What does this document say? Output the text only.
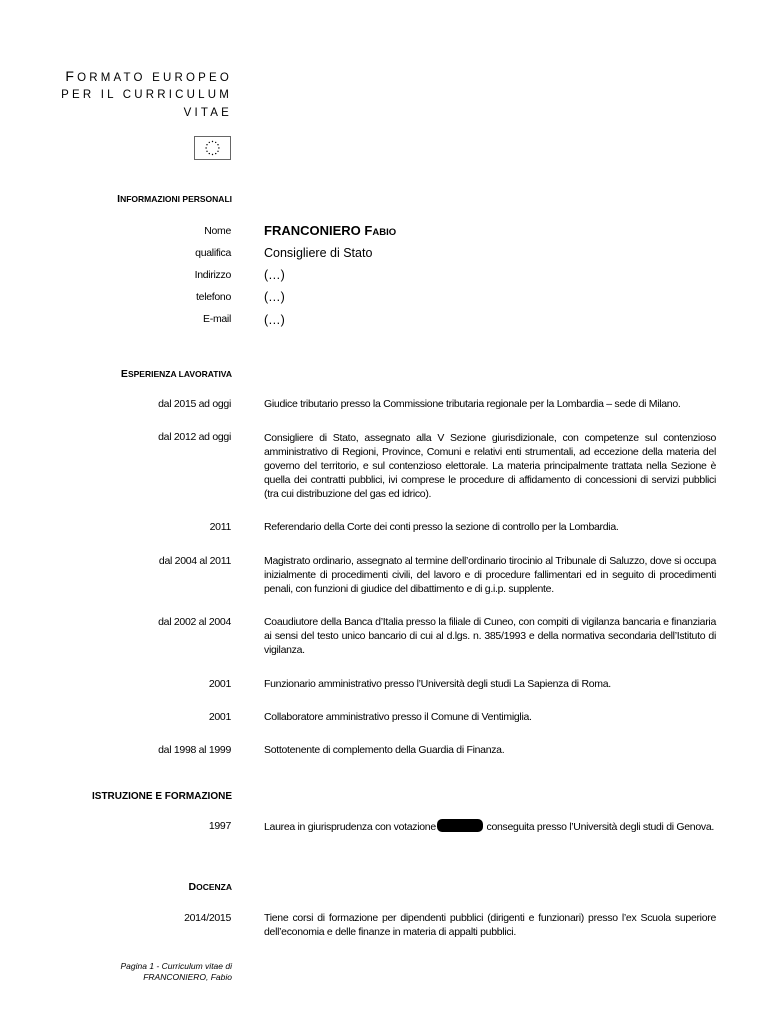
FORMATO EUROPEO
PER IL CURRICULUM
VITAE
INFORMAZIONI PERSONALI
Nome	FRANCONIERO FABIO
qualifica	Consigliere di Stato
Indirizzo	(…)
telefono	(…)
E-mail	(…)
ESPERIENZA LAVORATIVA
dal 2015 ad oggi	Giudice tributario presso la Commissione tributaria regionale per la Lombardia – sede di Milano.
dal 2012 ad oggi	Consigliere di Stato, assegnato alla V Sezione giurisdizionale, con competenze sul contenzioso amministrativo di Regioni, Province, Comuni e relativi enti strumentali, ad eccezione della materia del governo del territorio, e sul contenzioso elettorale. La materia principalmente trattata nella Sezione è quella dei contratti pubblici, ivi comprese le procedure di affidamento di concessioni di servizi pubblici (tra cui distribuzione del gas ed idrico).
2011	Referendario della Corte dei conti presso la sezione di controllo per la Lombardia.
dal 2004 al 2011	Magistrato ordinario, assegnato al termine dell’ordinario tirocinio al Tribunale di Saluzzo, dove si occupa inizialmente di procedimenti civili, del lavoro e di procedure fallimentari ed in seguito di procedimenti penali, con funzioni di giudice del dibattimento e di g.i.p. supplente.
dal 2002 al 2004	Coaudiutore della Banca d’Italia presso la filiale di Cuneo, con compiti di vigilanza bancaria e finanziaria ai sensi del testo unico bancario di cui al d.lgs. n. 385/1993 e della normativa secondaria dell’Istituto di vigilanza.
2001	Funzionario amministrativo presso l’Università degli studi La Sapienza di Roma.
2001	Collaboratore amministrativo presso il Comune di Ventimiglia.
dal 1998 al 1999	Sottotenente di complemento della Guardia di Finanza.
ISTRUZIONE E FORMAZIONE
1997	Laurea in giurisprudenza con votazione	conseguita presso l’Università degli studi di Genova.
DOCENZA
2014/2015	Tiene corsi di formazione per dipendenti pubblici (dirigenti e funzionari) presso l’ex Scuola superiore dell’economia e delle finanze in materia di appalti pubblici.
Pagina 1 - Curriculum vitae di
FRANCONIERO, Fabio
